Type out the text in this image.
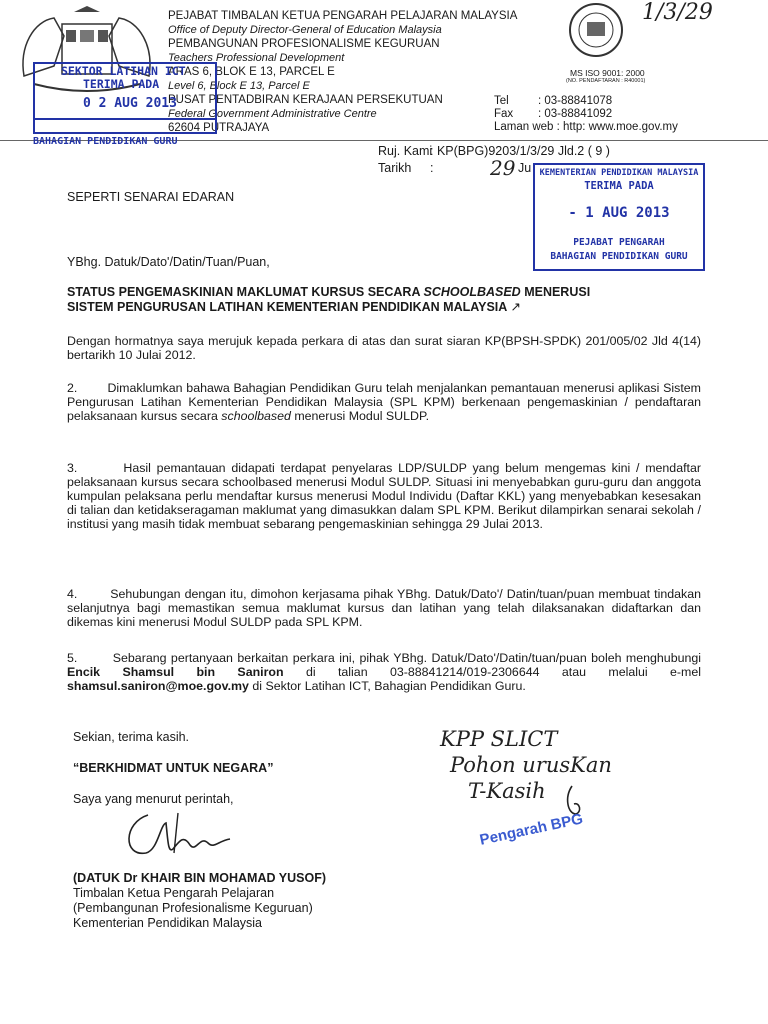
PEJABAT TIMBALAN KETUA PENGARAH PELAJARAN MALAYSIA
Office of Deputy Director-General of Education Malaysia
PEMBANGUNAN PROFESIONALISME KEGURUAN
Teachers Professional Development
ARAS 6, BLOK E 13, PARCEL E
Level 6, Block E 13, Parcel E
PUSAT PENTADBIRAN KERAJAAN PERSEKUTUAN
Federal Government Administrative Centre
62604 PUTRAJAYA
Tel	: 03-88841078
Fax : 03-88841092
Laman web : http: www.moe.gov.my
MS ISO 9001: 2000
(NO. PENDAFTARAN : R40001)
1/3/29
SEKTOR LATIHAN ICT
TERIMA PADA
0 2 AUG 2013
BAHAGIAN PENDIDIKAN GURU
Ruj. Kami
: KP(BPG)9203/1/3/29 Jld.2 ( 9 )
Tarikh :	29 Ju KEMENTERIAN PENDIDIKAN MALAYSIA
TERIMA PADA
- 1 AUG 2013
PEJABAT PENGARAH
BAHAGIAN PENDIDIKAN GURU
SEPERTI SENARAI EDARAN
YBhg. Datuk/Dato'/Datin/Tuan/Puan,
STATUS PENGEMASKINIAN MAKLUMAT KURSUS SECARA SCHOOLBASED MENERUSI
SISTEM PENGURUSAN LATIHAN KEMENTERIAN PENDIDIKAN MALAYSIA ↗
Dengan hormatnya saya merujuk kepada perkara di atas dan surat siaran KP(BPSH-SPDK) 201/005/02 Jld 4(14) bertarikh 10 Julai 2012.
2. Dimaklumkan bahawa Bahagian Pendidikan Guru telah menjalankan pemantauan menerusi aplikasi Sistem Pengurusan Latihan Kementerian Pendidikan Malaysia (SPL KPM) berkenaan pengemaskinian / pendaftaran pelaksanaan kursus secara schoolbased menerusi Modul SULDP.
3.	Hasil pemantauan didapati terdapat penyelaras LDP/SULDP yang belum mengemas kini / mendaftar pelaksanaan kursus secara schoolbased menerusi Modul SULDP. Situasi ini menyebabkan guru-guru dan anggota kumpulan pelaksana perlu mendaftar kursus menerusi Modul Individu (Daftar KKL) yang menyebabkan kesesakan di talian dan ketidakseragaman maklumat yang dimasukkan dalam SPL KPM. Berikut dilampirkan senarai sekolah / institusi yang masih tidak membuat sebarang pengemaskinian sehingga 29 Julai 2013.
4.	Sehubungan dengan itu, dimohon kerjasama pihak YBhg. Datuk/Dato'/ Datin/tuan/puan membuat tindakan selanjutnya bagi memastikan semua maklumat kursus dan latihan yang telah dilaksanakan didaftarkan dan dikemas kini menerusi Modul SULDP pada SPL KPM.
5.	Sebarang pertanyaan berkaitan perkara ini, pihak YBhg. Datuk/Dato'/Datin/tuan/puan boleh menghubungi Encik Shamsul bin Saniron di talian 03-88841214/019-2306644 atau melalui e-mel shamsul.saniron@moe.gov.my di Sektor Latihan ICT, Bahagian Pendidikan Guru.
Sekian, terima kasih.
“BERKHIDMAT UNTUK NEGARA”
Saya yang menurut perintah,
(DATUK Dr KHAIR BIN MOHAMAD YUSOF)
Timbalan Ketua Pengarah Pelajaran
(Pembangunan Profesionalisme Keguruan)
Kementerian Pendidikan Malaysia
KPP SLICT
Pohon urusKan
T-Kasih
Pengarah BPG
